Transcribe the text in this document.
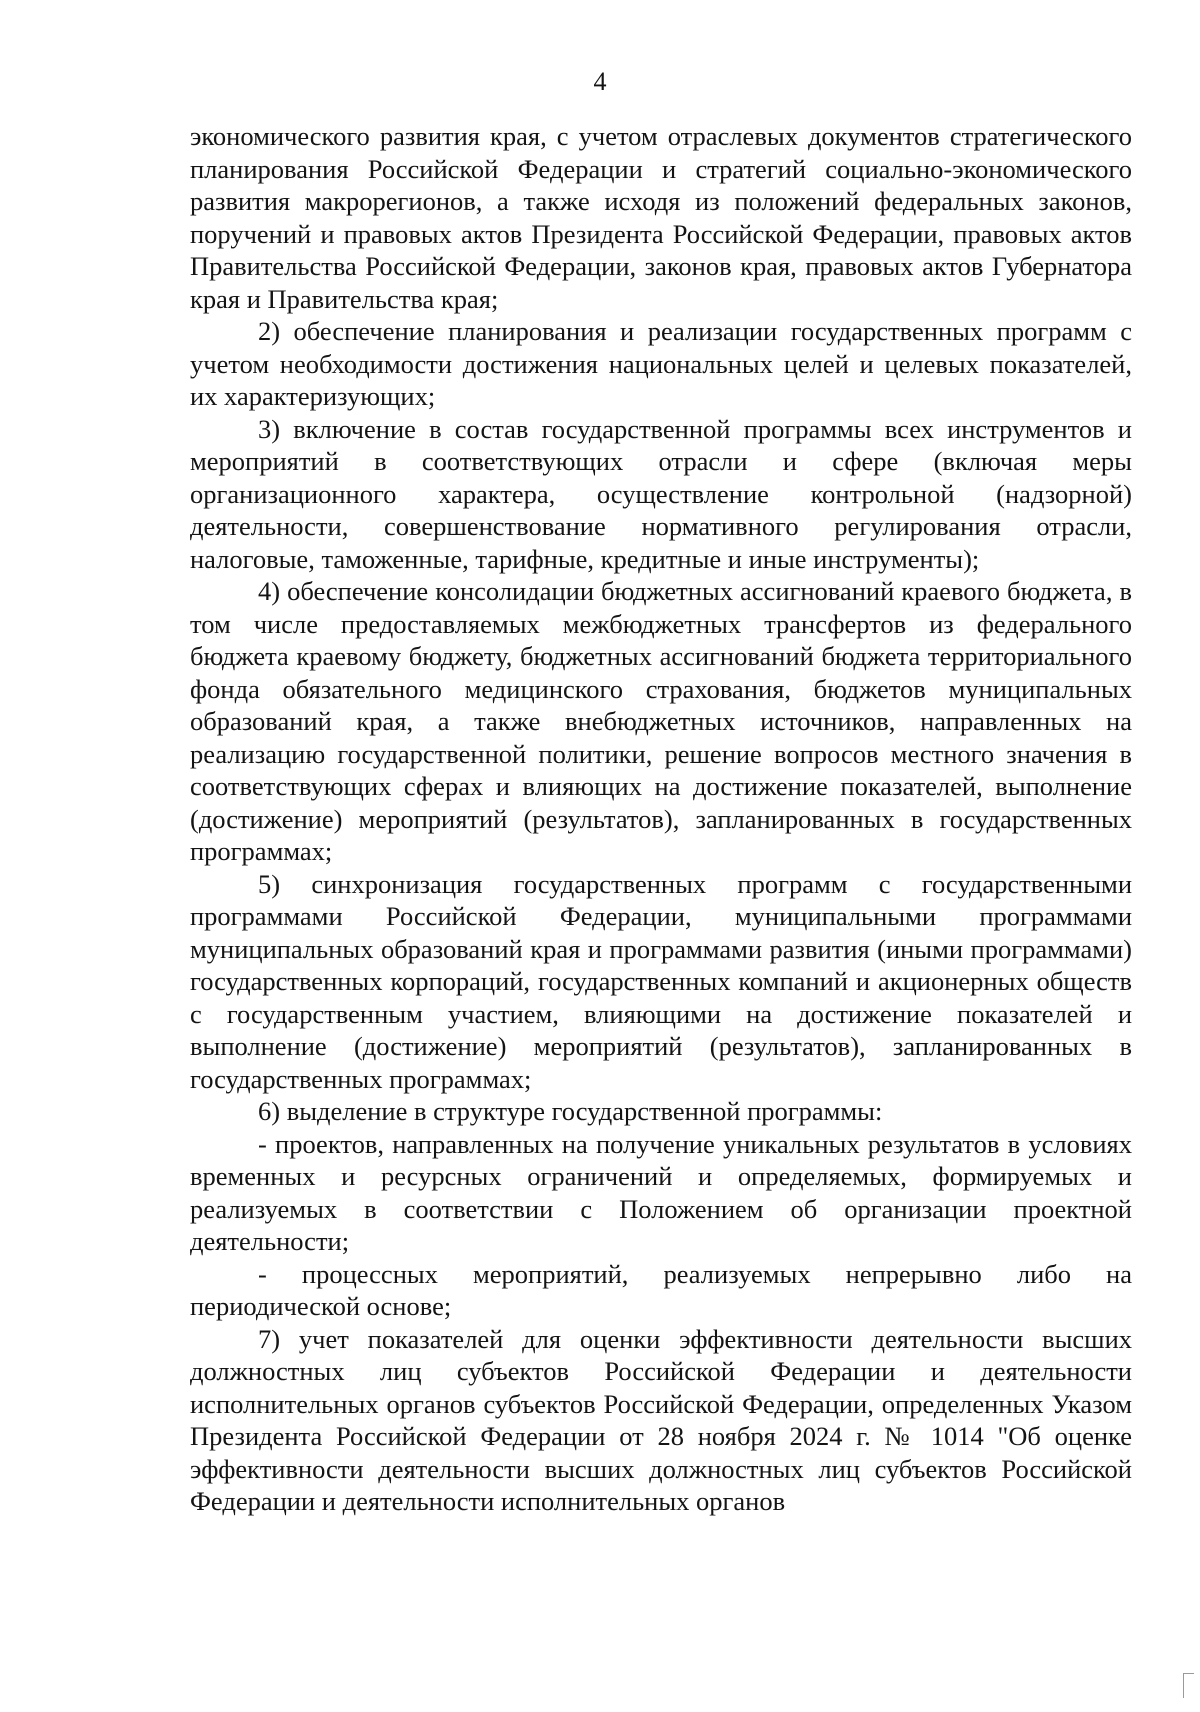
4

экономического развития края, с учетом отраслевых документов стратегического планирования Российской Федерации и стратегий социально-экономического развития макрорегионов, а также исходя из положений федеральных законов, поручений и правовых актов Президента Российской Федерации, правовых актов Правительства Российской Федерации, законов края, правовых актов Губернатора края и Правительства края;

2) обеспечение планирования и реализации государственных программ с учетом необходимости достижения национальных целей и целевых показателей, их характеризующих;

3) включение в состав государственной программы всех инструментов и мероприятий в соответствующих отрасли и сфере (включая меры организационного характера, осуществление контрольной (надзорной) деятельности, совершенствование нормативного регулирования отрасли, налоговые, таможенные, тарифные, кредитные и иные инструменты);

4) обеспечение консолидации бюджетных ассигнований краевого бюджета, в том числе предоставляемых межбюджетных трансфертов из федерального бюджета краевому бюджету, бюджетных ассигнований бюджета территориального фонда обязательного медицинского страхования, бюджетов муниципальных образований края, а также внебюджетных источников, направленных на реализацию государственной политики, решение вопросов местного значения в соответствующих сферах и влияющих на достижение показателей, выполнение (достижение) мероприятий (результатов), запланированных в государственных программах;

5) синхронизация государственных программ с государственными программами Российской Федерации, муниципальными программами муниципальных образований края и программами развития (иными программами) государственных корпораций, государственных компаний и акционерных обществ с государственным участием, влияющими на достижение показателей и выполнение (достижение) мероприятий (результатов), запланированных в государственных программах;

6) выделение в структуре государственной программы:

- проектов, направленных на получение уникальных результатов в условиях временных и ресурсных ограничений и определяемых, формируемых и реализуемых в соответствии с Положением об организации проектной деятельности;

- процессных мероприятий, реализуемых непрерывно либо на периодической основе;

7) учет показателей для оценки эффективности деятельности высших должностных лиц субъектов Российской Федерации и деятельности исполнительных органов субъектов Российской Федерации, определенных Указом Президента Российской Федерации от 28 ноября 2024 г. № 1014 "Об оценке эффективности деятельности высших должностных лиц субъектов Российской Федерации и деятельности исполнительных органов
